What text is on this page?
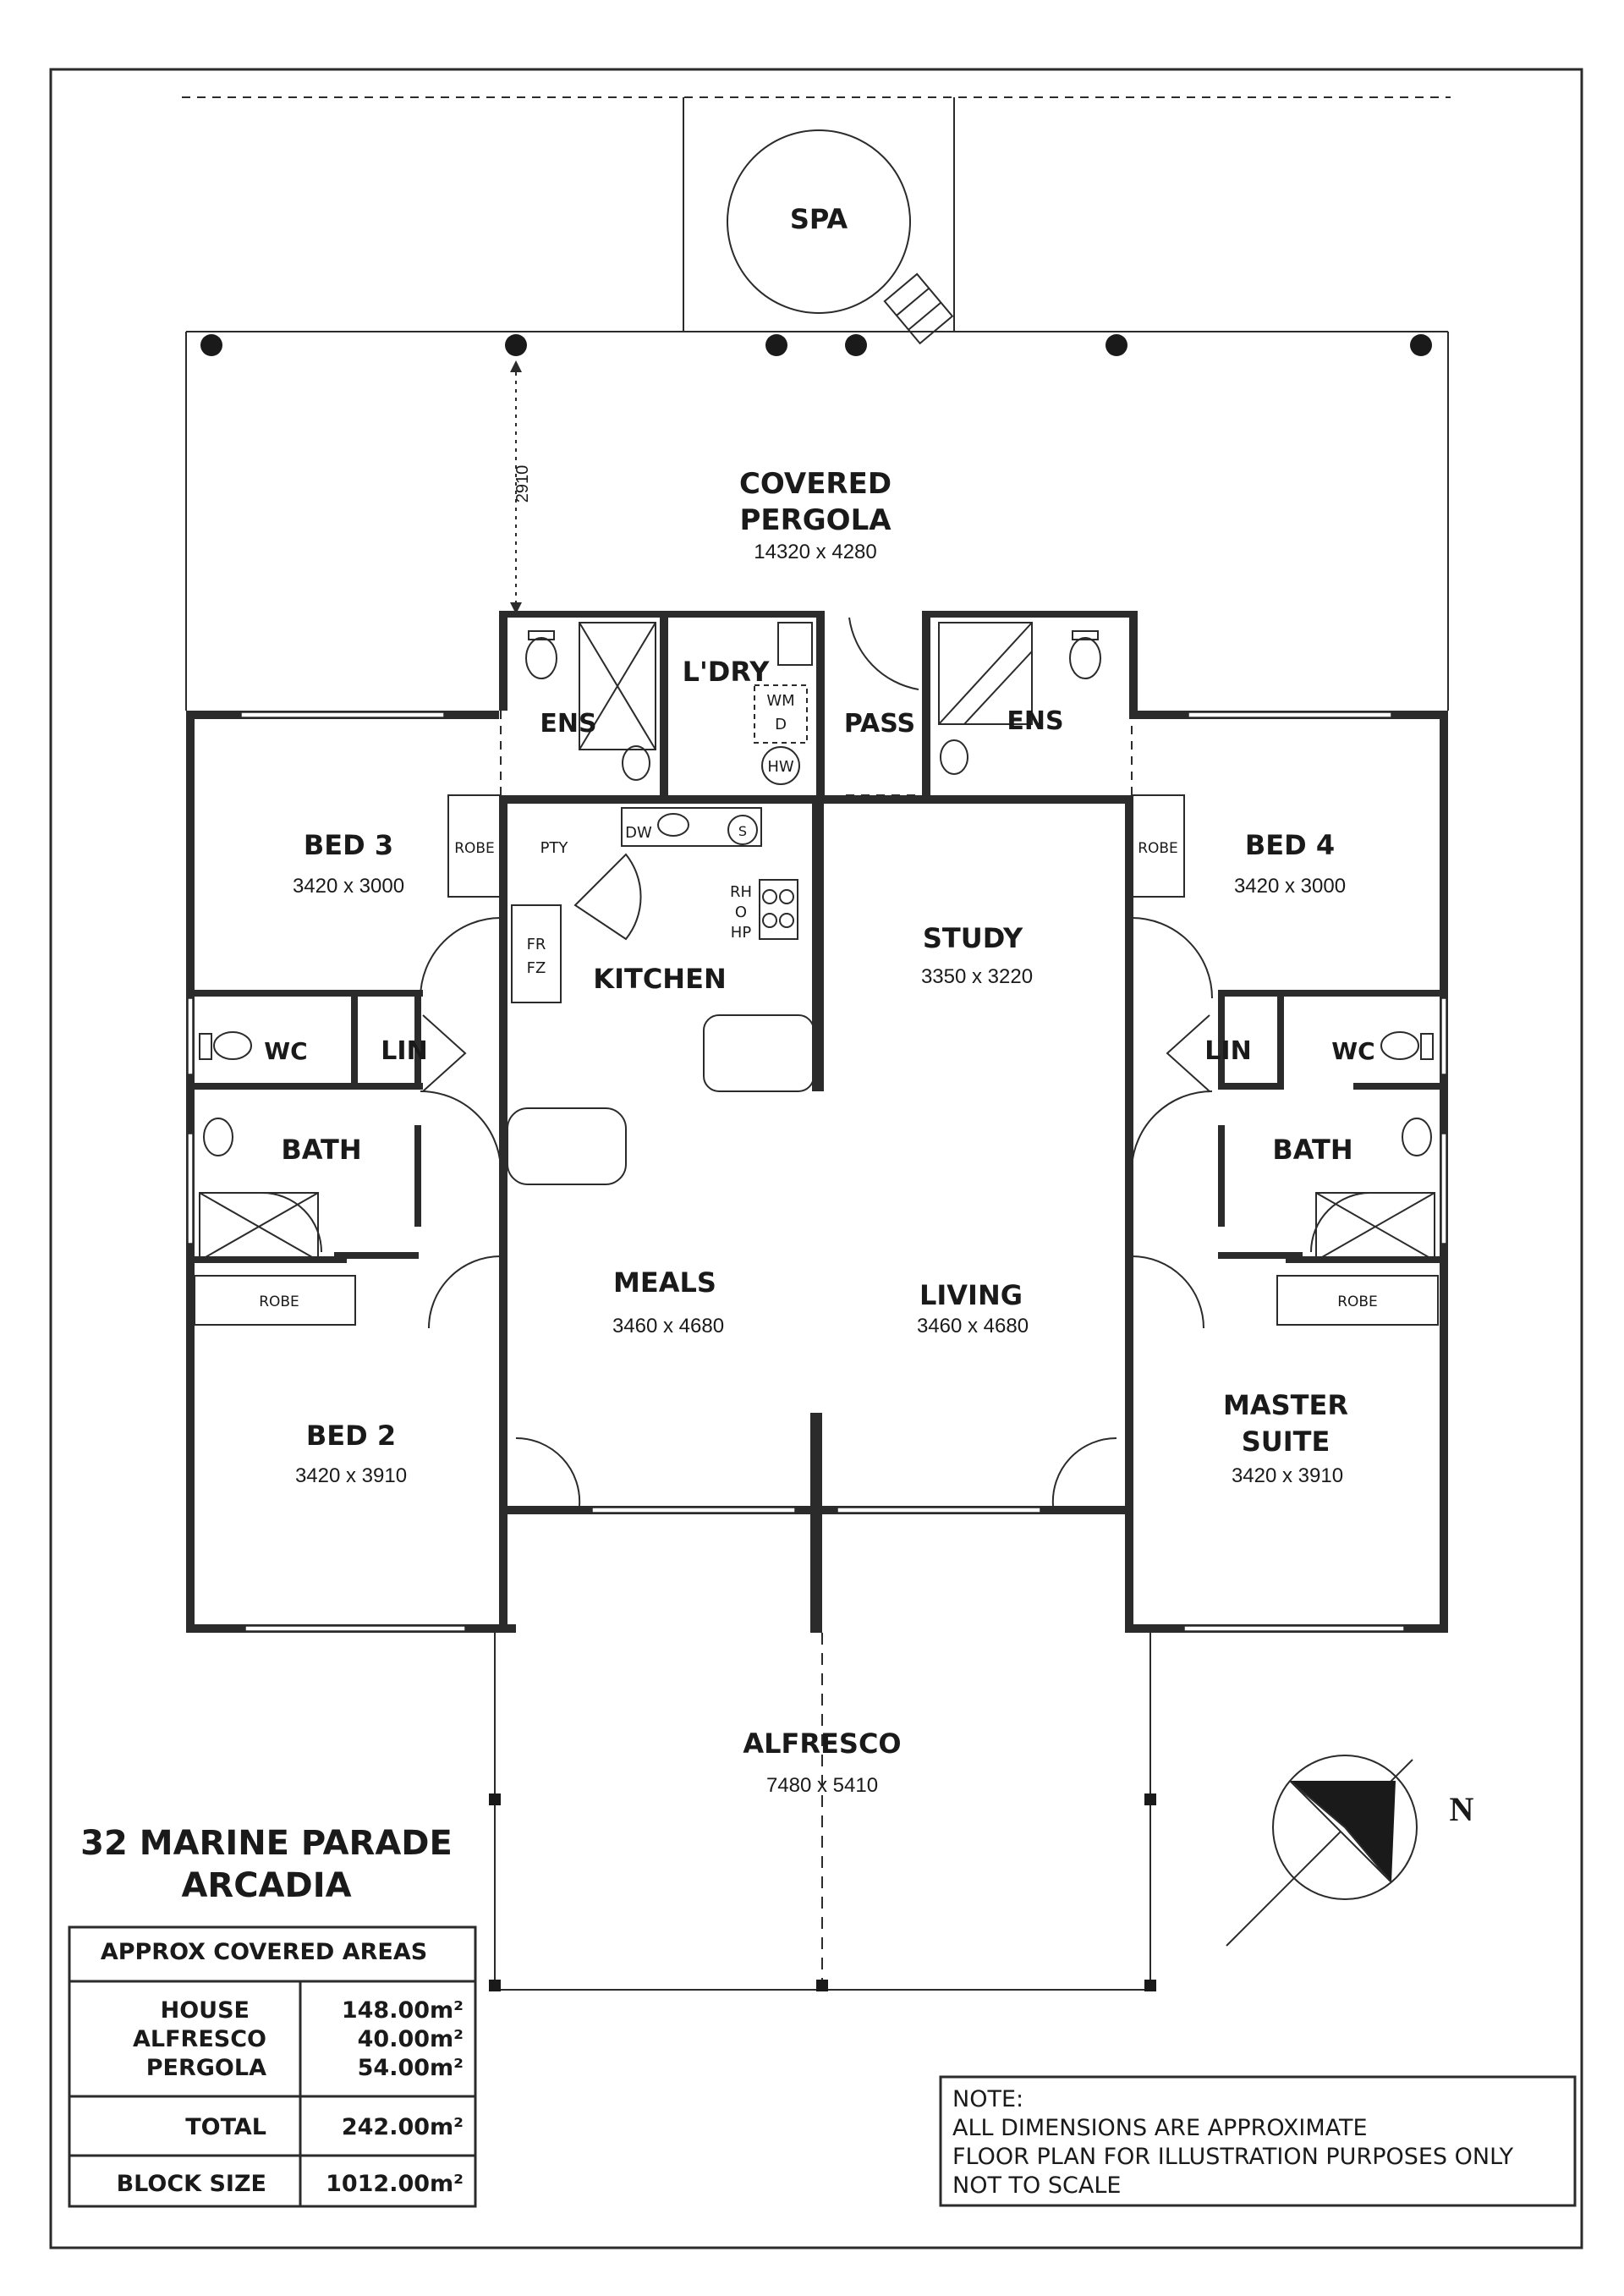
SPA
2910	COVERED
PERGOLA
14320 x 4280
ROBE
ROBE
ROBE
ROBE
WM
D
HW
DW	S
PTY
FR
FZ
RH
O
HP
ALFRESCO
7480 x 5410
ENS
L'DRY
PASS	ENS
BED 3
3420 x 3000
BED 4
3420 x 3000
KITCHEN
STUDY
3350 x 3220
WC	LIN	LIN	WC
BATH	BATH
MEALS
3460 x 4680
LIVING
3460 x 4680
BED 2
3420 x 3910
MASTER
SUITE
3420 x 3910
N
32 MARINE PARADE
ARCADIA
APPROX COVERED AREAS
HOUSE	148.00m²
ALFRESCO	40.00m²
PERGOLA	54.00m²
TOTAL	242.00m²
BLOCK SIZE	1012.00m²
NOTE:
ALL DIMENSIONS ARE APPROXIMATE
FLOOR PLAN FOR ILLUSTRATION PURPOSES ONLY
NOT TO SCALE
